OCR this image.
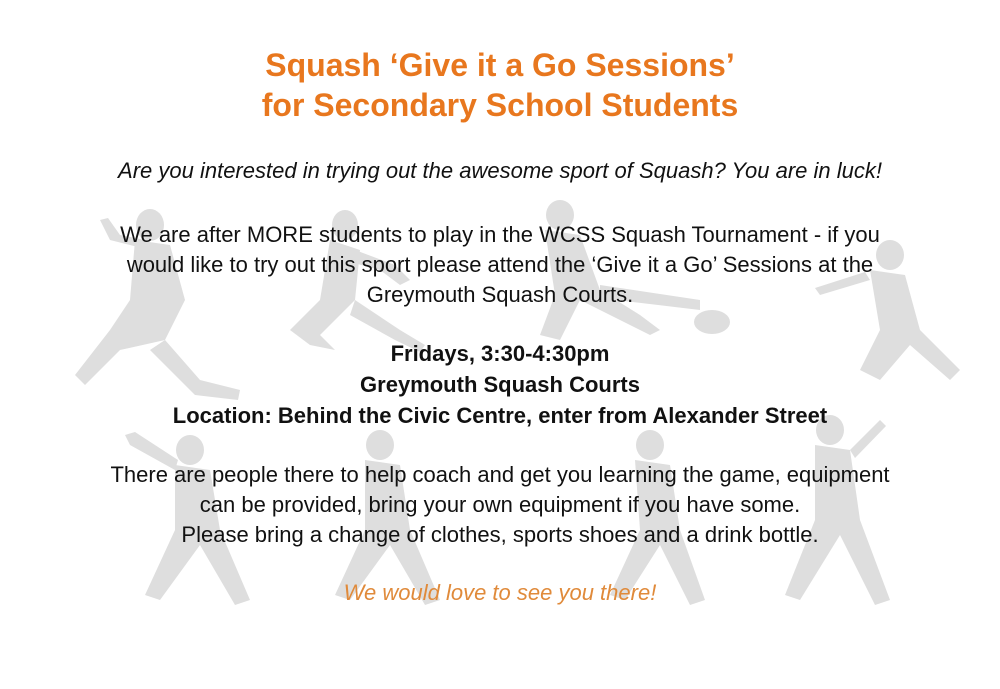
Squash ‘Give it a Go Sessions’
for Secondary School Students

Are you interested in trying out the awesome sport of Squash? You are in luck!

We are after MORE students to play in the WCSS Squash Tournament - if you
would like to try out this sport please attend the ‘Give it a Go’ Sessions at the
Greymouth Squash Courts.

Fridays, 3:30-4:30pm
Greymouth Squash Courts
Location: Behind the Civic Centre, enter from Alexander Street

There are people there to help coach and get you learning the game, equipment
can be provided, bring your own equipment if you have some.
Please bring a change of clothes, sports shoes and a drink bottle.

We would love to see you there!
